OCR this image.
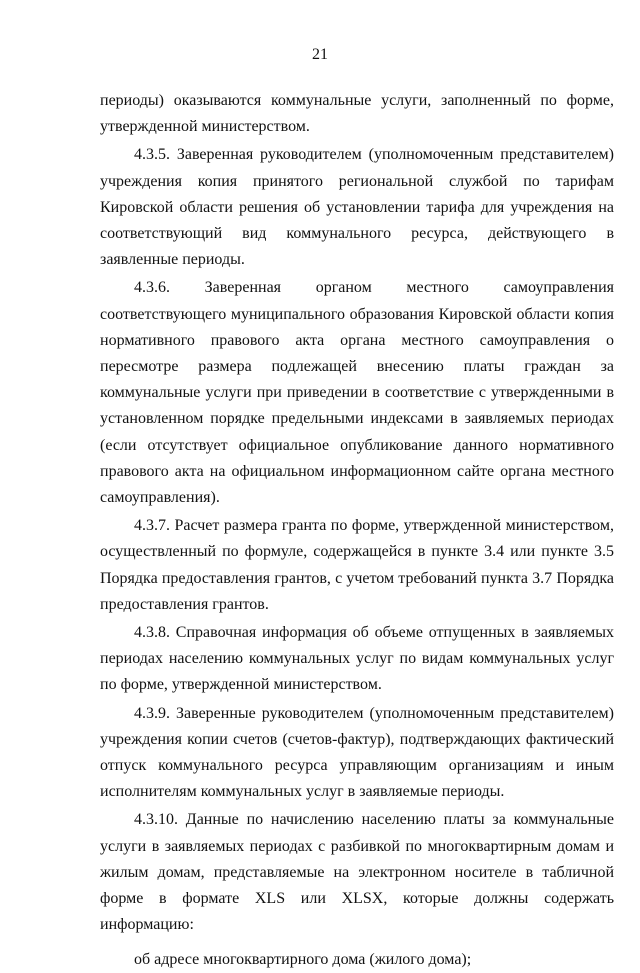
21

периоды) оказываются коммунальные услуги, заполненный по форме, утвержденной министерством.

4.3.5. Заверенная руководителем (уполномоченным представителем) учреждения копия принятого региональной службой по тарифам Кировской области решения об установлении тарифа для учреждения на соответствующий вид коммунального ресурса, действующего в заявленные периоды.

4.3.6. Заверенная органом местного самоуправления соответствующего муниципального образования Кировской области копия нормативного правового акта органа местного самоуправления о пересмотре размера подлежащей внесению платы граждан за коммунальные услуги при приведении в соответствие с утвержденными в установленном порядке предельными индексами в заявляемых периодах (если отсутствует официальное опубликование данного нормативного правового акта на официальном информационном сайте органа местного самоуправления).

4.3.7. Расчет размера гранта по форме, утвержденной министерством, осуществленный по формуле, содержащейся в пункте 3.4 или пункте 3.5 Порядка предоставления грантов, с учетом требований пункта 3.7 Порядка предоставления грантов.

4.3.8. Справочная информация об объеме отпущенных в заявляемых периодах населению коммунальных услуг по видам коммунальных услуг по форме, утвержденной министерством.

4.3.9. Заверенные руководителем (уполномоченным представителем) учреждения копии счетов (счетов-фактур), подтверждающих фактический отпуск коммунального ресурса управляющим организациям и иным исполнителям коммунальных услуг в заявляемые периоды.

4.3.10. Данные по начислению населению платы за коммунальные услуги в заявляемых периодах с разбивкой по многоквартирным домам и жилым домам, представляемые на электронном носителе в табличной форме в формате XLS или XLSX, которые должны содержать информацию:

об адресе многоквартирного дома (жилого дома);
